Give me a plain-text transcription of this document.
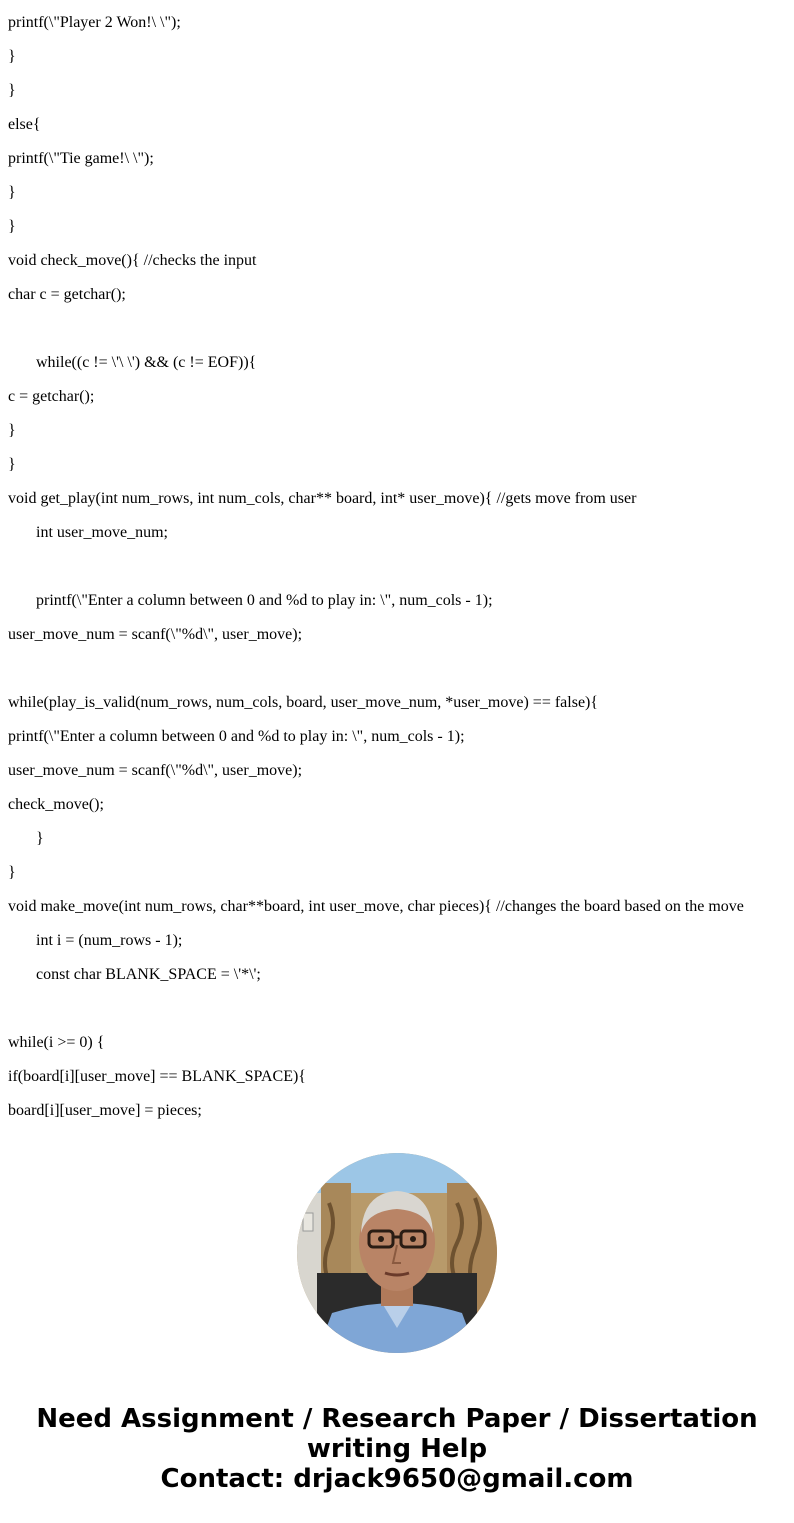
printf(\"Player 2 Won!\ \");
}
}
else{
printf(\"Tie game!\ \");
}
}
void check_move(){ //checks the input
char c = getchar();
while((c != \'\ \') && (c != EOF)){
c = getchar();
}
}
void get_play(int num_rows, int num_cols, char** board, int* user_move){ //gets move from user
int user_move_num;
printf(\"Enter a column between 0 and %d to play in: \", num_cols - 1);
user_move_num = scanf(\"%d\", user_move);
while(play_is_valid(num_rows, num_cols, board, user_move_num, *user_move) == false){
printf(\"Enter a column between 0 and %d to play in: \", num_cols - 1);
user_move_num = scanf(\"%d\", user_move);
check_move();
}
}
void make_move(int num_rows, char**board, int user_move, char pieces){ //changes the board based on the move
int i = (num_rows - 1);
const char BLANK_SPACE = \'*\';
while(i >= 0) {
if(board[i][user_move] == BLANK_SPACE){
board[i][user_move] = pieces;
Need Assignment / Research Paper / Dissertation
writing Help
Contact: drjack9650@gmail.com
